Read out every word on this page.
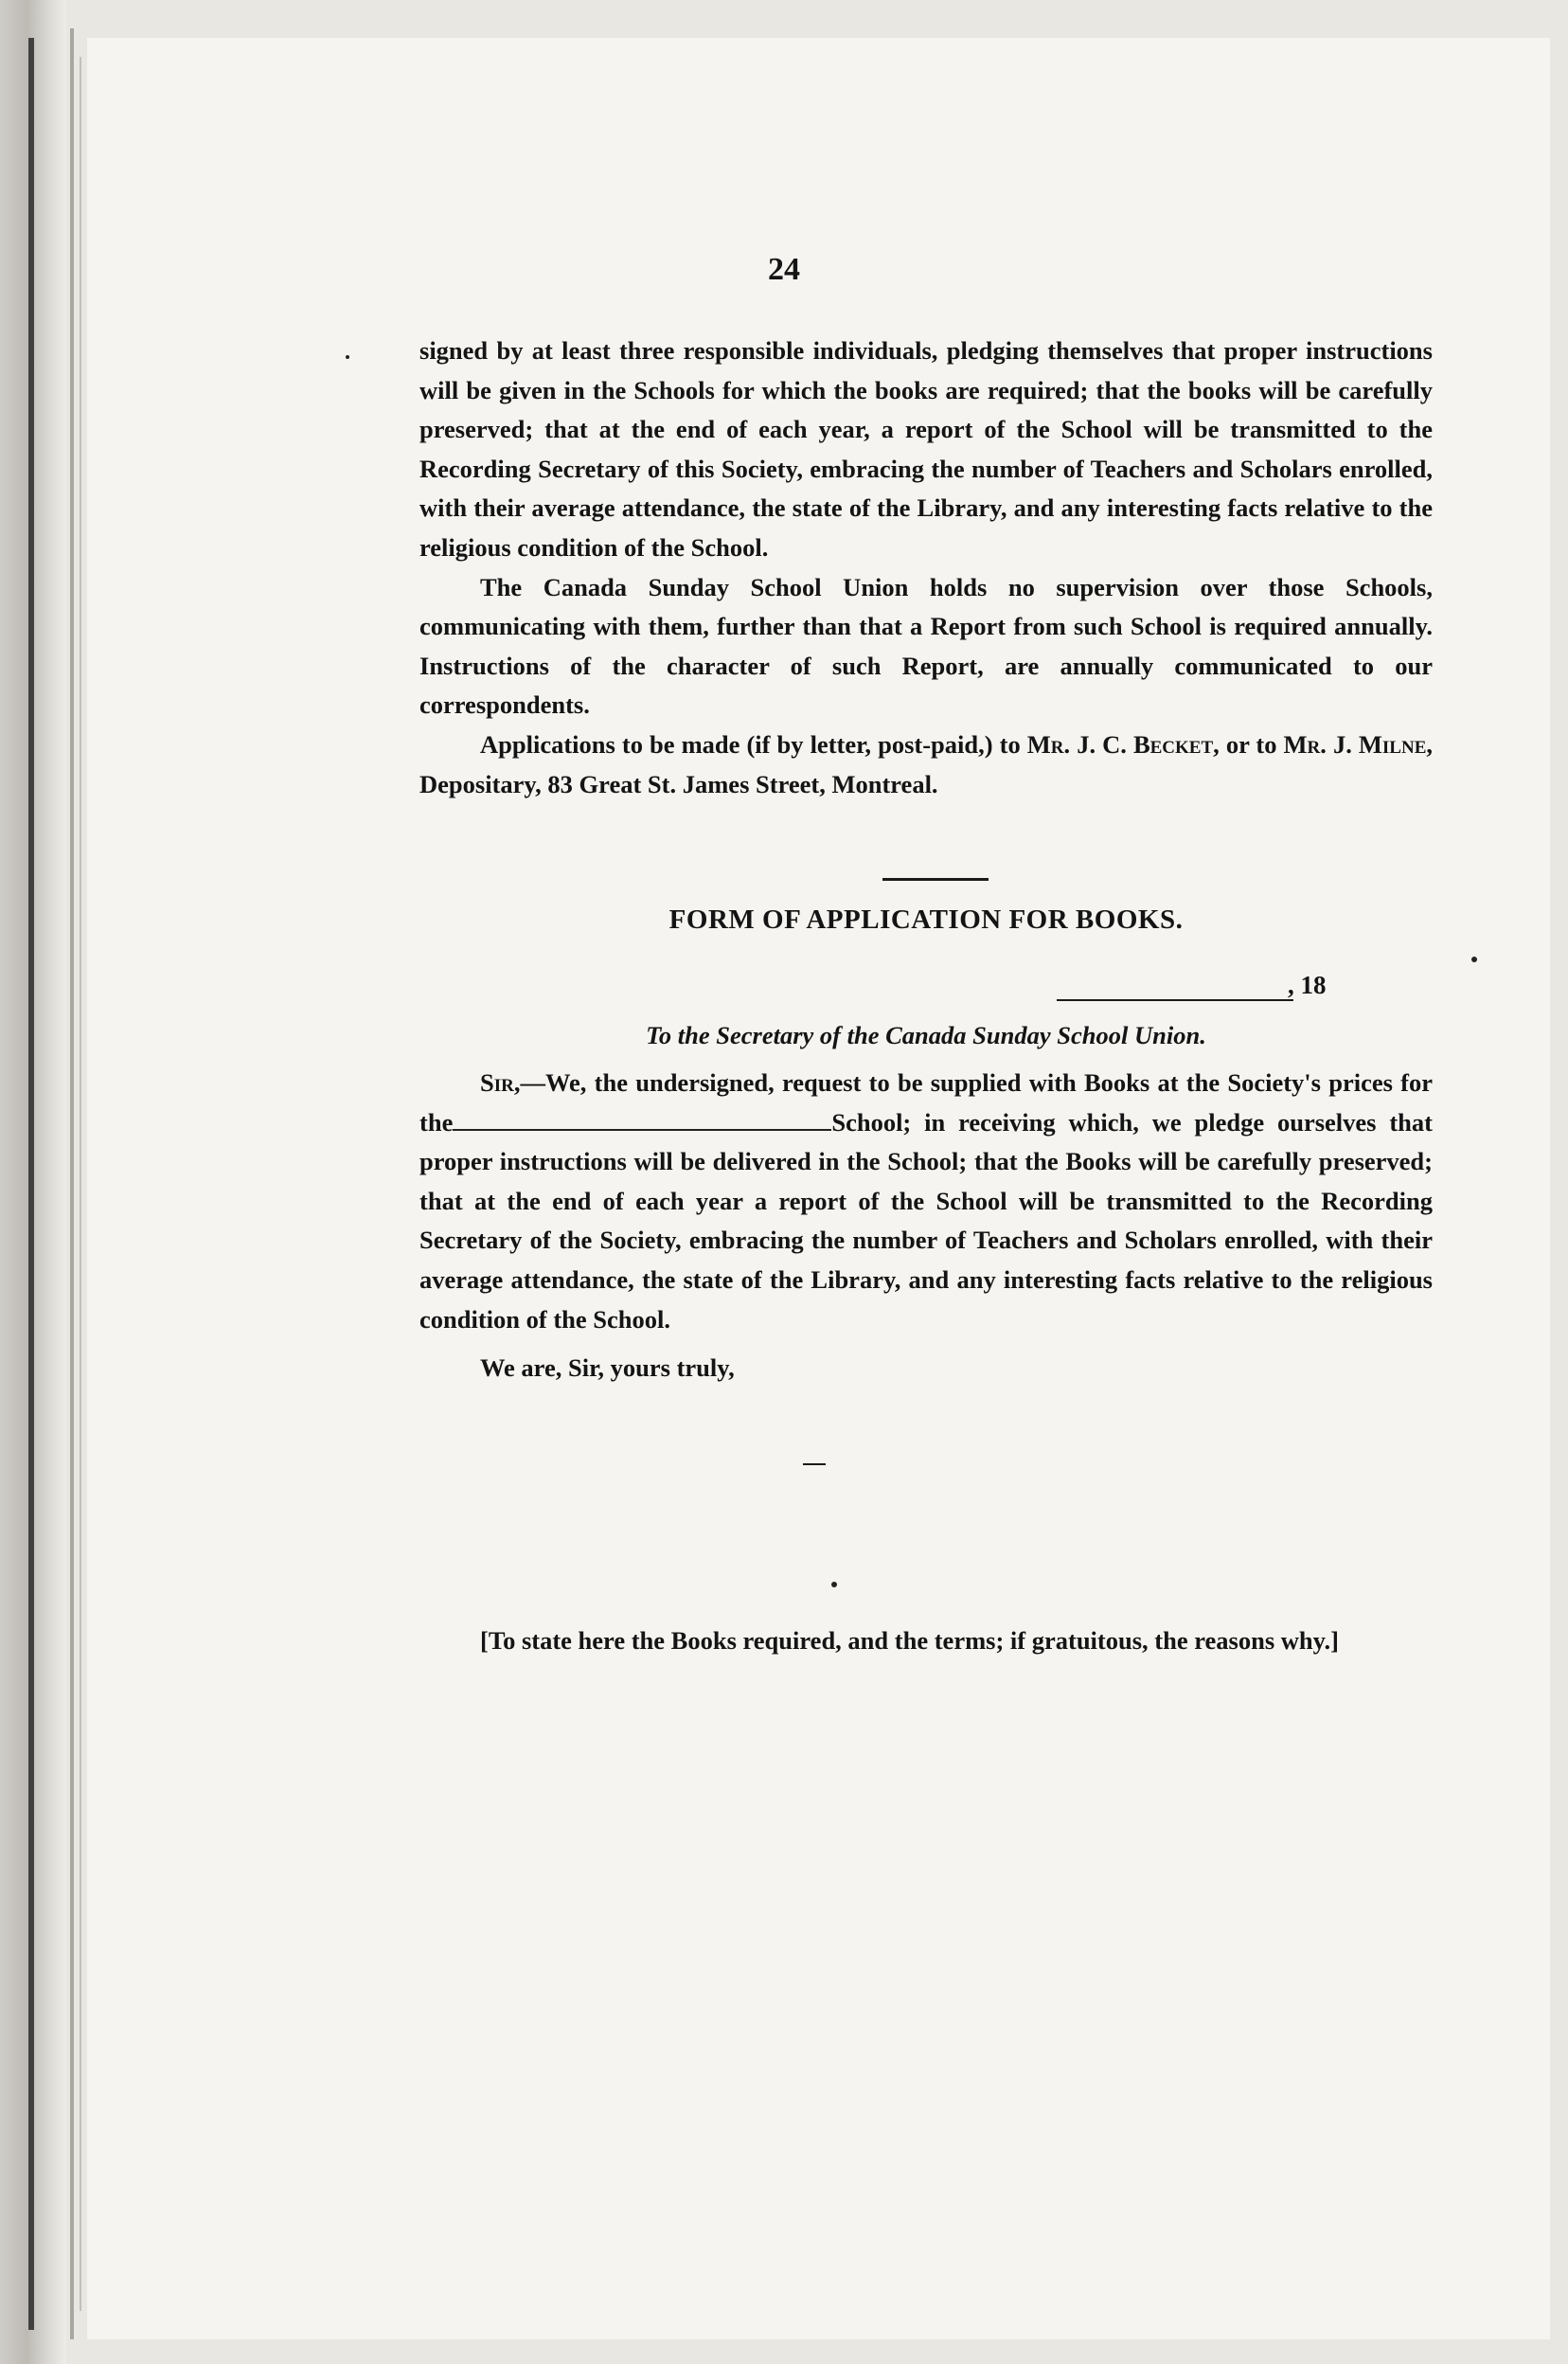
24

signed by at least three responsible individuals, pledging themselves that proper instructions will be given in the Schools for which the books are required; that the books will be carefully preserved; that at the end of each year, a report of the School will be transmitted to the Recording Secretary of this Society, embracing the number of Teachers and Scholars enrolled, with their average attendance, the state of the Library, and any interesting facts relative to the religious condition of the School.

The Canada Sunday School Union holds no supervision over those Schools, communicating with them, further than that a Report from such School is required annually. Instructions of the character of such Report, are annually communicated to our correspondents.

Applications to be made (if by letter, post-paid,) to Mr. J. C. Becket, or to Mr. J. Milne, Depositary, 83 Great St. James Street, Montreal.

FORM OF APPLICATION FOR BOOKS.
, 18
To the Secretary of the Canada Sunday School Union.

Sir,—We, the undersigned, request to be supplied with Books at the Society's prices for the	School; in receiving which, we pledge ourselves that proper instructions will be delivered in the School; that the Books will be carefully preserved; that at the end of each year a report of the School will be transmitted to the Recording Secretary of the Society, embracing the number of Teachers and Scholars enrolled, with their average attendance, the state of the Library, and any interesting facts relative to the religious condition of the School.

We are, Sir, yours truly,

[To state here the Books required, and the terms; if gratuitous, the reasons why.]
